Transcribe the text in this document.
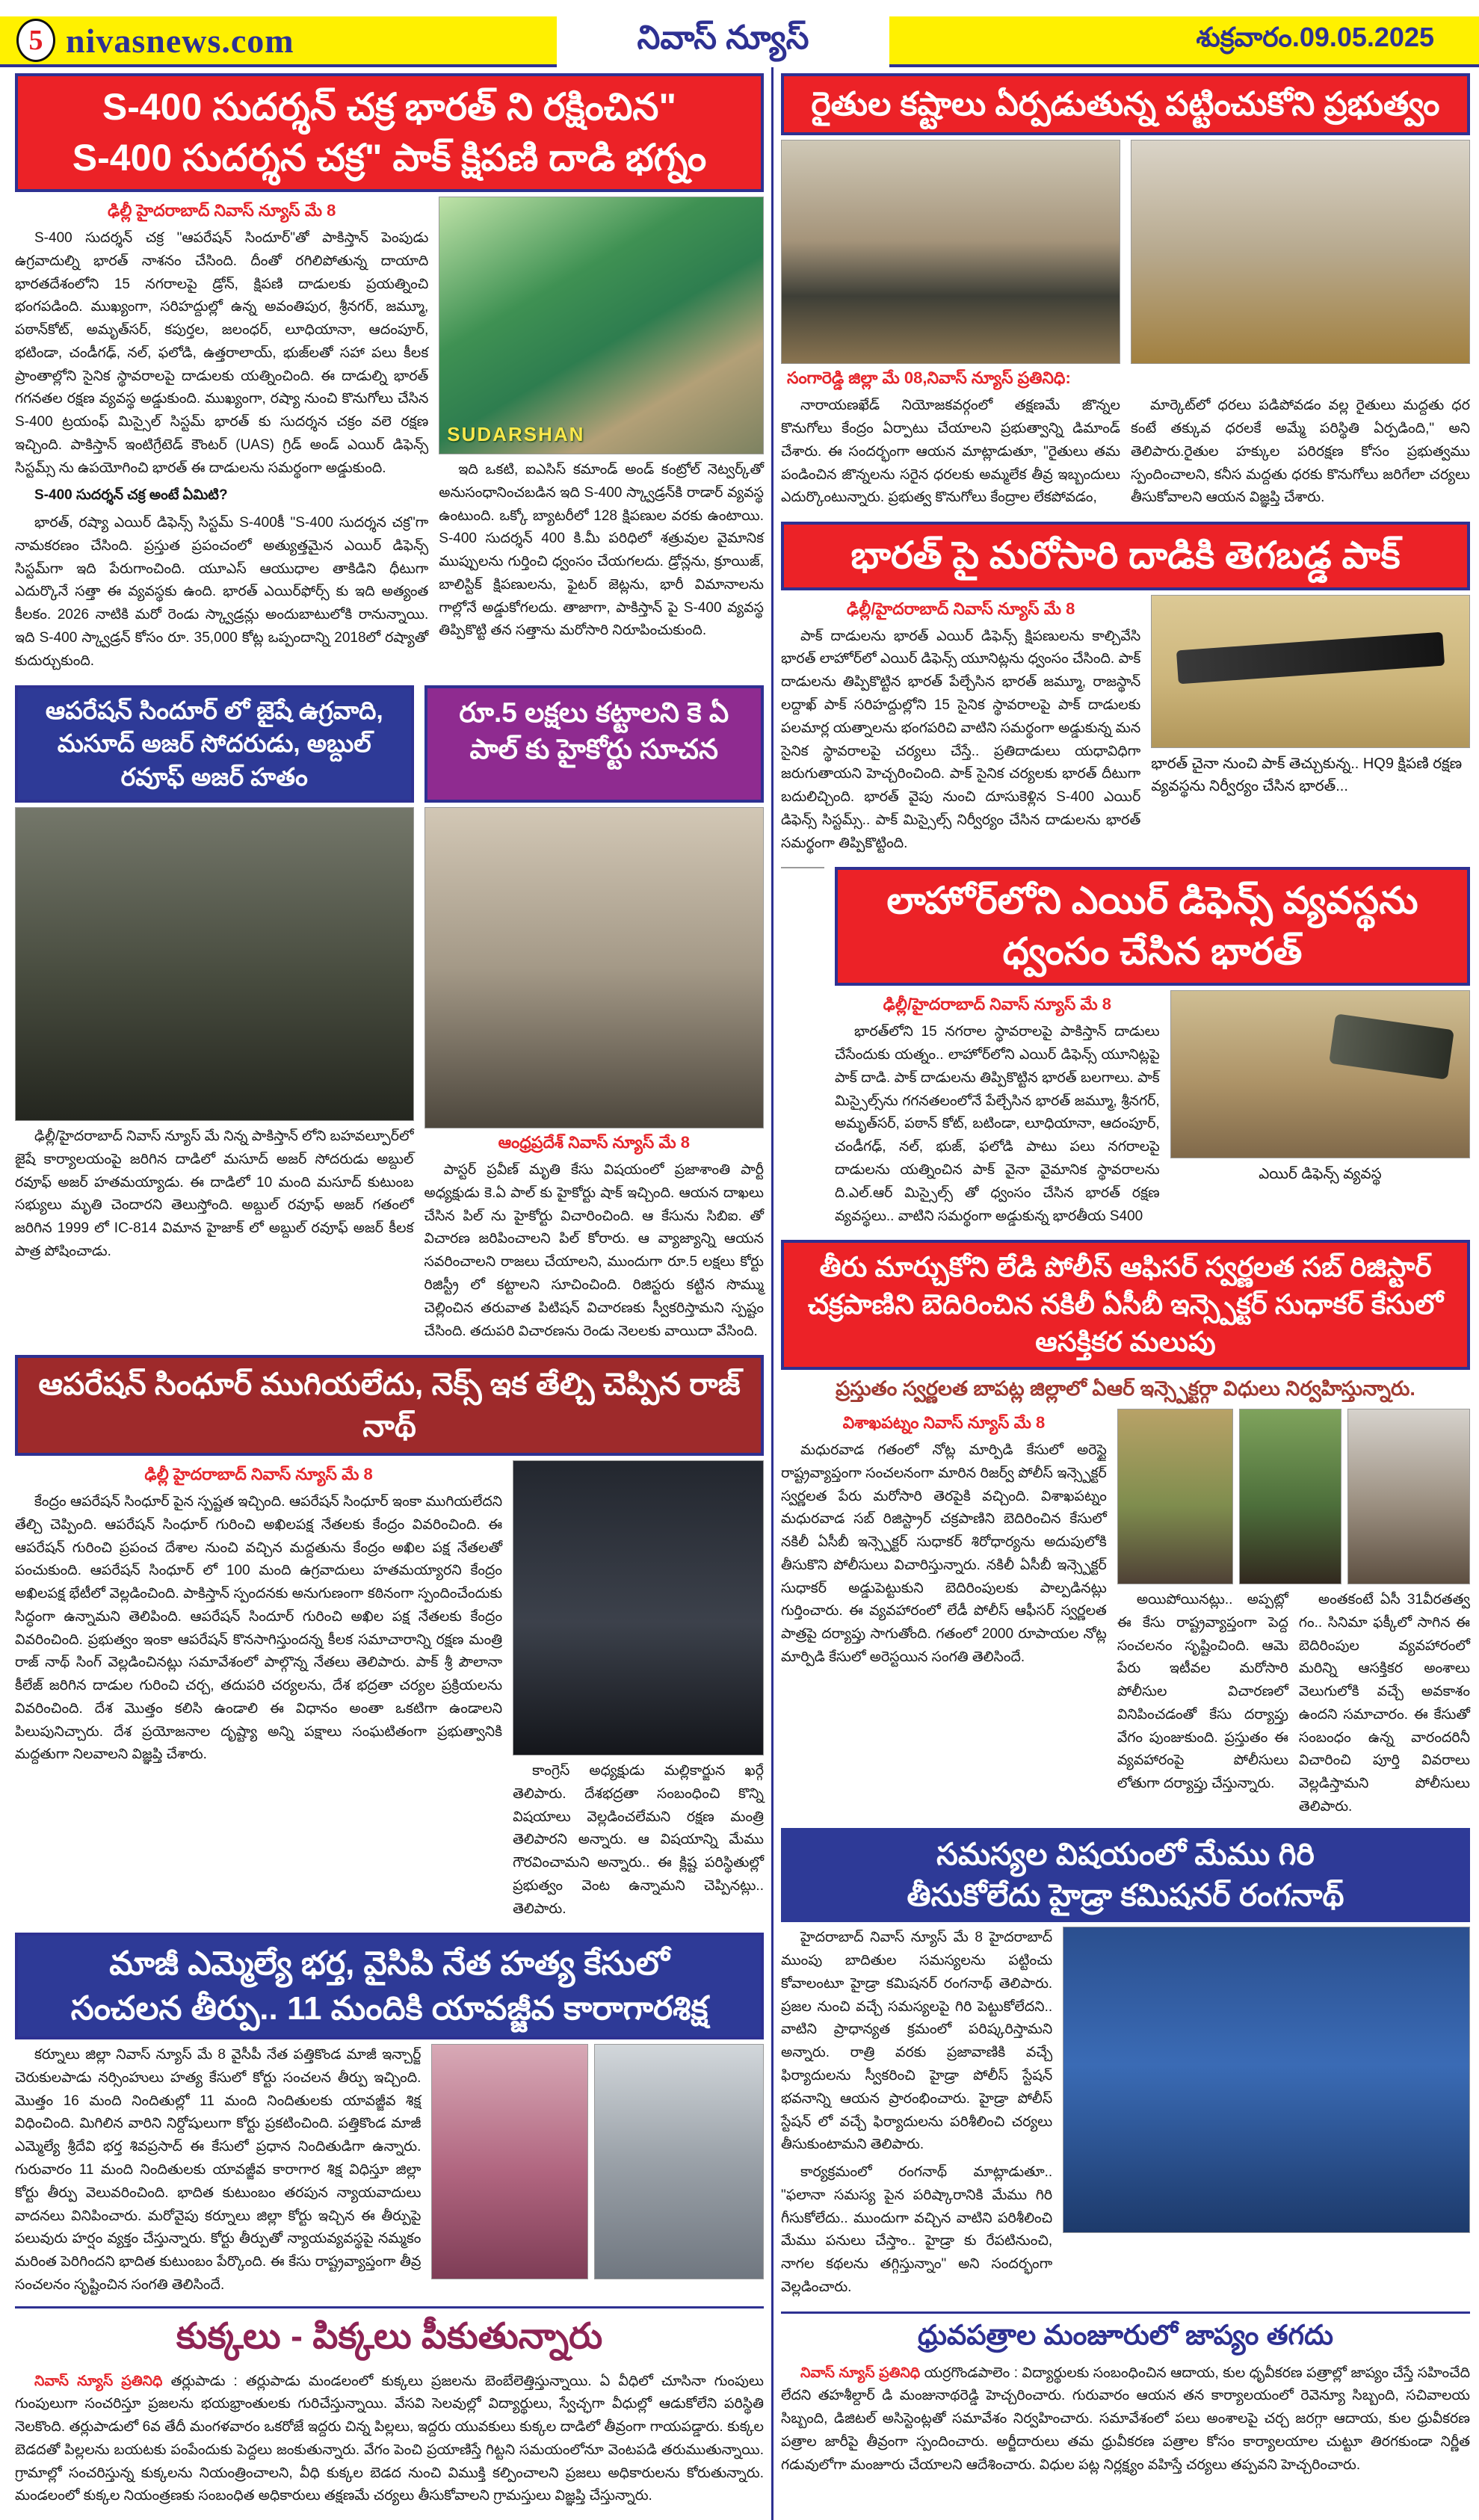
5 nivasnews.com	నివాస్ న్యూస్	శుక్రవారం.09.05.2025
S-400 సుదర్శన్ చక్ర భారత్ ని రక్షించిన"
S-400 సుదర్శన చక్ర" పాక్ క్షిపణి దాడి భగ్నం
ఢిల్లీ హైదరాబాద్ నివాస్ న్యూస్ మే 8

S-400 సుదర్శన్ చక్ర "ఆపరేషన్ సిందూర్"తో పాకిస్తాన్ పెంపుడు ఉగ్రవాదుల్ని భారత్ నాశనం చేసింది. దీంతో రగిలిపోతున్న దాయాది భారతదేశంలోని 15 నగరాలపై డ్రోన్, క్షిపణి దాడులకు ప్రయత్నించి భంగపడింది. ముఖ్యంగా, సరిహద్దుల్లో ఉన్న అవంతిపుర, శ్రీనగర్, జమ్మూ, పఠాన్‌కోట్, అమృత్‌సర్, కపుర్తల, జలంధర్, లూధియానా, ఆదంపూర్, భటిండా, చండీగఢ్, నల్, ఫలోడి, ఉత్తరాలాయ్, భుజ్‌లతో సహా పలు కీలక ప్రాంతాల్లోని సైనిక స్థావరాలపై దాడులకు యత్నించింది. ఈ దాడుల్ని భారత్ గగనతల రక్షణ వ్యవస్థ అడ్డుకుంది. ముఖ్యంగా, రష్యా నుంచి కొనుగోలు చేసిన S-400 ట్రయంఫ్ మిస్సైల్ సిస్టమ్ భారత్ కు సుదర్శన చక్రం వలె రక్షణ ఇచ్చింది. పాకిస్తాన్ ఇంటిగ్రేటెడ్ కౌంటర్ (UAS) గ్రిడ్ అండ్ ఎయిర్ డిఫెన్స్ సిస్టమ్స్ ను ఉపయోగించి భారత్ ఈ దాడులను సమర్థంగా అడ్డుకుంది.

S-400 సుదర్శన్ చక్ర అంటే ఏమిటి?

భారత్, రష్యా ఎయిర్ డిఫెన్స్ సిస్టమ్ S-400కీ "S-400 సుదర్శన చక్ర"గా నామకరణం చేసింది. ప్రస్తుత ప్రపంచంలో అత్యుత్తమైన ఎయిర్ డిఫెన్స్ సిస్టమ్‌గా ఇది పేరుగాంచింది. యూఎస్ ఆయుధాల తాకిడిని ధీటుగా ఎదుర్కొనే సత్తా ఈ వ్యవస్థకు ఉంది. భారత్ ఎయిర్‌ఫోర్స్ కు ఇది అత్యంత కీలకం. 2026 నాటికి మరో రెండు స్క్వాడ్రన్లు అందుబాటులోకి రానున్నాయి. ఇది S-400 స్క్వాడ్రన్ కోసం రూ. 35,000 కోట్ల ఒప్పందాన్ని 2018లో రష్యాతో కుదుర్చుకుంది.

SUDARSHAN

ఇది ఒకటి, ఐఎసిస్ కమాండ్ అండ్ కంట్రోల్ నెట్వర్క్‌తో అనుసంధానించబడిన ఇది S-400 స్క్వాడ్రన్‌కి రాడార్ వ్యవస్థ ఉంటుంది. ఒక్కో బ్యాటరీలో 128 క్షిపణుల వరకు ఉంటాయి. S-400 సుదర్శన్ 400 కి.మీ పరిధిలో శత్రువుల వైమానిక ముప్పులను గుర్తించి ధ్వంసం చేయగలదు. డ్రోన్లను, క్రూయిజ్, బాలిస్టిక్ క్షిపణులను, ఫైటర్ జెట్లను, భారీ విమానాలను గాల్లోనే అడ్డుకోగలదు. తాజాగా, పాకిస్తాన్ పై S-400 వ్యవస్థ తిప్పికొట్టి తన సత్తాను మరోసారి నిరూపించుకుంది.

ఆపరేషన్ సిందూర్ లో జైషే ఉగ్రవాది, మసూద్ అజర్ సోదరుడు, అబ్దుల్ రవూఫ్ అజర్ హతం
రూ.5 లక్షలు కట్టాలని కె ఏ పాల్ కు హైకోర్టు సూచన

ఢిల్లీ/హైదరాబాద్ నివాస్ న్యూస్ మే నిన్న పాకిస్తాన్ లోని బహవల్పూర్‌లో జైషే కార్యాలయంపై జరిగిన దాడిలో మసూద్ అజర్ సోదరుడు అబ్దుల్ రవూఫ్ అజర్ హతమయ్యాడు. ఈ దాడిలో 10 మంది మసూద్ కుటుంబ సభ్యులు మృతి చెందారని తెలుస్తోంది. అబ్దుల్ రవూఫ్ అజర్ గతంలో జరిగిన 1999 లో IC-814 విమాన హైజాక్ లో అబ్దుల్ రవూఫ్ అజర్ కీలక పాత్ర పోషించాడు.

ఆంధ్రప్రదేశ్ నివాస్ న్యూస్ మే 8

పాస్టర్ ప్రవీణ్ మృతి కేసు విషయంలో ప్రజాశాంతి పార్టీ అధ్యక్షుడు కె.ఏ పాల్ కు హైకోర్టు షాక్ ఇచ్చింది. ఆయన దాఖలు చేసిన పిల్ ను హైకోర్టు విచారించింది. ఆ కేసును సిబిఐ. తో విచారణ జరిపించాలని పిల్ కోరారు. ఆ వ్యాజ్యాన్ని ఆయన సవరించాలని రాజలు చేయాలని, ముందుగా రూ.5 లక్షలు కోర్టు రిజిస్ట్రీ లో కట్టాలని సూచించింది. రిజిస్టరు కట్టిన సొమ్ము చెల్లించిన తరువాత పిటిషన్ విచారణకు స్వీకరిస్తామని స్పష్టం చేసింది. తదుపరి విచారణను రెండు నెలలకు వాయిదా వేసింది.

ఆపరేషన్ సింధూర్ ముగియలేదు, నెక్స్ ఇక తేల్చి చెప్పిన రాజ్ నాథ్
ఢిల్లీ హైదరాబాద్ నివాస్ న్యూస్ మే 8

కేంద్రం ఆపరేషన్ సింధూర్ పైన స్పష్టత ఇచ్చింది. ఆపరేషన్ సింధూర్ ఇంకా ముగియలేదని తేల్చి చెప్పింది. ఆపరేషన్ సింధూర్ గురించి అఖిలపక్ష నేతలకు కేంద్రం వివరించింది. ఈ ఆపరేషన్ గురించి ప్రపంచ దేశాల నుంచి వచ్చిన మద్దతును కేంద్రం అఖిల పక్ష నేతలతో పంచుకుంది. ఆపరేషన్ సింధూర్ లో 100 మంది ఉగ్రవాదులు హతమయ్యారని కేంద్రం అఖిలపక్ష భేటీలో వెల్లడించింది. పాకిస్తాన్ స్పందనకు అనుగుణంగా కఠినంగా స్పందించేందుకు సిద్ధంగా ఉన్నామని తెలిపింది. ఆపరేషన్ సిందూర్ గురించి అఖిల పక్ష నేతలకు కేంద్రం వివరించింది. ప్రభుత్వం ఇంకా ఆపరేషన్ కొనసాగిస్తుందన్న కీలక సమాచారాన్ని రక్షణ మంత్రి రాజ్ నాథ్ సింగ్ వెల్లడించినట్లు సమావేశంలో పాల్గొన్న నేతలు తెలిపారు. పాక్ శ్రీ పౌలానా కీలేజ్ జరిగిన దాడుల గురించి చర్చ, తదుపరి చర్యలను, దేశ భద్రతా చర్యల ప్రక్రియలను వివరించింది. దేశ మొత్తం కలిసి ఉండాలి ఈ విధానం అంతా ఒకటిగా ఉండాలని పిలుపునిచ్చారు. దేశ ప్రయోజనాల దృష్ట్యా అన్ని పక్షాలు సంఘటితంగా ప్రభుత్వానికి మద్దతుగా నిలవాలని విజ్ఞప్తి చేశారు.

కాంగ్రెస్ అధ్యక్షుడు మల్లికార్జున ఖర్గే తెలిపారు. దేశభద్రతా సంబంధించి కొన్ని విషయాలు వెల్లడించలేమని రక్షణ మంత్రి తెలిపారని అన్నారు. ఆ విషయాన్ని మేము గౌరవించామని అన్నారు.. ఈ క్లిష్ట పరిస్థితుల్లో ప్రభుత్వం వెంట ఉన్నామని చెప్పినట్లు.. తెలిపారు.

మాజీ ఎమ్మెల్యే భర్త, వైసిపి నేత హత్య కేసులో
సంచలన తీర్పు.. 11 మందికి యావజ్జీవ కారాగారశిక్ష

కర్నూలు జిల్లా నివాస్ న్యూస్ మే 8 వైసీపీ నేత పత్తికొండ మాజీ ఇన్చార్జ్ చెరుకులపాడు నర్సింహులు హత్య కేసులో కోర్టు సంచలన తీర్పు ఇచ్చింది. మొత్తం 16 మంది నిందితుల్లో 11 మంది నిందితులకు యావజ్జీవ శిక్ష విధించింది. మిగిలిన వారిని నిర్దోషులుగా కోర్టు ప్రకటించింది. పత్తికొండ మాజీ ఎమ్మెల్యే శ్రీదేవి భర్త శివప్రసాద్ ఈ కేసులో ప్రధాన నిందితుడిగా ఉన్నారు. గురువారం 11 మంది నిందితులకు యావజ్జీవ కారాగార శిక్ష విధిస్తూ జిల్లా కోర్టు తీర్పు వెలువరించింది. భాదిత కుటుంబం తరపున న్యాయవాదులు వాదనలు వినిపించారు. మరోవైపు కర్నూలు జిల్లా కోర్టు ఇచ్చిన ఈ తీర్పుపై పలువురు హర్షం వ్యక్తం చేస్తున్నారు. కోర్టు తీర్పుతో న్యాయవ్యవస్థపై నమ్మకం మరింత పెరిగిందని భాదిత కుటుంబం పేర్కొంది. ఈ కేసు రాష్ట్రవ్యాప్తంగా తీవ్ర సంచలనం సృష్టించిన సంగతి తెలిసిందే.

కుక్కలు - పిక్కలు పీకుతున్నారు

నివాస్ న్యూస్ ప్రతినిధి తర్లుపాడు : తర్లుపాడు మండలంలో కుక్కలు ప్రజలను బెంబేలెత్తిస్తున్నాయి. ఏ వీధిలో చూసినా గుంపులు గుంపులుగా సంచరిస్తూ ప్రజలను భయభ్రాంతులకు గురిచేస్తున్నాయి. వేసవి సెలవుల్లో విద్యార్థులు, స్వేచ్ఛగా వీధుల్లో ఆడుకోలేని పరిస్థితి నెలకొంది. తర్లుపాడులో 6వ తేదీ మంగళవారం ఒకరోజే ఇద్దరు చిన్న పిల్లలు, ఇద్దరు యువకులు కుక్కల దాడిలో తీవ్రంగా గాయపడ్డారు. కుక్కల బెడదతో పిల్లలను బయటకు పంపేందుకు పెద్దలు జంకుతున్నారు. వేగం పెంచి ప్రయాణిస్తే గిట్టని సమయంలోనూ వెంటపడి తరుముతున్నాయి. గ్రామాల్లో సంచరిస్తున్న కుక్కలను నియంత్రించాలని, వీధి కుక్కల బెడద నుంచి విముక్తి కల్పించాలని ప్రజలు అధికారులను కోరుతున్నారు. మండలంలో కుక్కల నియంత్రణకు సంబంధిత అధికారులు తక్షణమే చర్యలు తీసుకోవాలని గ్రామస్తులు విజ్ఞప్తి చేస్తున్నారు.

రైతుల కష్టాలు ఏర్పడుతున్న పట్టించుకోని ప్రభుత్వం
సంగారెడ్డి జిల్లా మే 08,నివాస్ న్యూస్ ప్రతినిధి:

నారాయణఖేడ్ నియోజకవర్గంలో తక్షణమే జొన్నల కొనుగోలు కేంద్రం ఏర్పాటు చేయాలని ప్రభుత్వాన్ని డిమాండ్ చేశారు. ఈ సందర్భంగా ఆయన మాట్లాడుతూ, "రైతులు తమ పండించిన జొన్నలను సరైన ధరలకు అమ్మలేక తీవ్ర ఇబ్బందులు ఎదుర్కొంటున్నారు. ప్రభుత్వ కొనుగోలు కేంద్రాల లేకపోవడం,

మార్కెట్‌లో ధరలు పడిపోవడం వల్ల రైతులు మద్దతు ధర కంటే తక్కువ ధరలకే అమ్మే పరిస్థితి ఏర్పడింది," అని తెలిపారు.రైతుల హక్కుల పరిరక్షణ కోసం ప్రభుత్వము స్పందించాలని, కనీస మద్దతు ధరకు కొనుగోలు జరిగేలా చర్యలు తీసుకోవాలని ఆయన విజ్ఞప్తి చేశారు.

భారత్ పై మరోసారి దాడికి తెగబడ్డ పాక్
ఢిల్లీ/హైదరాబాద్ నివాస్ న్యూస్ మే 8

పాక్ దాడులను భారత్ ఎయిర్ డిఫెన్స్ క్షిపణులను కాల్చివేసి భారత్ లాహోర్‌లో ఎయిర్ డిఫెన్స్ యూనిట్లను ధ్వంసం చేసింది. పాక్ దాడులను తిప్పికొట్టిన భారత్ పేల్చేసిన భారత్ జమ్మూ, రాజస్థాన్ లద్దాఖ్ పాక్ సరిహద్దుల్లోని 15 సైనిక స్థావరాలపై పాక్ దాడులకు పలమార్ల యత్నాలను భంగపరిచి వాటిని సమర్థంగా అడ్డుకున్న మన సైనిక స్థావరాలపై చర్యలు చేస్తే.. ప్రతిదాడులు యధావిధిగా జరుగుతాయని హెచ్చరించింది. పాక్ సైనిక చర్యలకు భారత్ దీటుగా బదులిచ్చింది. భారత్ వైపు నుంచి దూసుకెళ్లిన S-400 ఎయిర్ డిఫెన్స్ సిస్టమ్స్.. పాక్ మిస్సైల్స్ నిర్వీర్యం చేసిన దాడులను భారత్ సమర్థంగా తిప్పికొట్టింది.

భారత్ చైనా నుంచి పాక్ తెచ్చుకున్న.. HQ9 క్షిపణి రక్షణ వ్యవస్థను నిర్వీర్యం చేసిన భారత్...
లాహోర్‌లోని ఎయిర్ డిఫెన్స్ వ్యవస్థను ధ్వంసం చేసిన భారత్
ఢిల్లీ/హైదరాబాద్ నివాస్ న్యూస్ మే 8

భారత్‌లోని 15 నగరాల స్థావరాలపై పాకిస్తాన్ దాడులు చేసేందుకు యత్నం.. లాహోర్‌లోని ఎయిర్ డిఫెన్స్ యూనిట్లపై పాక్ దాడి. పాక్ దాడులను తిప్పికొట్టిన భారత్ బలగాలు. పాక్ మిస్సైల్స్‌ను గగనతలంలోనే పేల్చేసిన భారత్ జమ్మూ, శ్రీనగర్, అమృత్‌సర్, పఠాన్ కోట్, బటిండా, లూధియానా, ఆదంపూర్, చండీగఢ్, నల్, భుజ్, ఫలోడి పాటు పలు నగరాలపై దాడులను యత్నించిన పాక్ వైనా వైమానిక స్థావరాలను ది.ఎల్.ఆర్ మిస్సైల్స్ తో ధ్వంసం చేసిన భారత్ రక్షణ వ్యవస్థలు.. వాటిని సమర్థంగా అడ్డుకున్న భారతీయ S400

ఎయిర్ డిఫెన్స్ వ్యవస్థ
తీరు మార్చుకోని లేడి పోలీస్ ఆఫిసర్ స్వర్ణలత సబ్ రిజిస్టార్ చక్రపాణిని బెదిరించిన నకిలీ ఏసీబీ ఇన్స్పెక్టర్ సుధాకర్ కేసులో ఆసక్తికర మలుపు
ప్రస్తుతం స్వర్ణలత బాపట్ల జిల్లాలో ఏఆర్ ఇన్స్పెక్టర్గా విధులు నిర్వహిస్తున్నారు.
విశాఖపట్నం నివాస్ న్యూస్ మే 8

మధురవాడ గతంలో నోట్ల మార్పిడి కేసులో అరెస్టై రాష్ట్రవ్యాప్తంగా సంచలనంగా మారిన రిజర్వ్ పోలీస్ ఇన్స్పెక్టర్ స్వర్ణలత పేరు మరోసారి తెరపైకి వచ్చింది. విశాఖపట్నం మధురవాడ సబ్ రిజిస్ట్రార్ చక్రపాణిని బెదిరించిన కేసులో నకిలీ ఏసీబీ ఇన్స్పెక్టర్ సుధాకర్ శిరోధార్యను అదుపులోకి తీసుకొని పోలీసులు విచారిస్తున్నారు. నకిలీ ఏసీబీ ఇన్స్పెక్టర్ సుధాకర్ అడ్డుపెట్టుకుని బెదిరింపులకు పాల్పడినట్లు గుర్తించారు. ఈ వ్యవహారంలో లేడీ పోలీస్ ఆఫీసర్ స్వర్ణలత పాత్రపై దర్యాప్తు సాగుతోంది. గతంలో 2000 రూపాయల నోట్ల మార్పిడి కేసులో అరెస్టయిన సంగతి తెలిసిందే.

అయిపోయినట్లు.. అప్పట్లో ఈ కేసు రాష్ట్రవ్యాప్తంగా పెద్ద సంచలనం సృష్టించింది. ఆమె పేరు ఇటీవల మరోసారి పోలీసుల విచారణలో వినిపించడంతో కేసు దర్యాప్తు వేగం పుంజుకుంది. ప్రస్తుతం ఈ వ్యవహారంపై పోలీసులు లోతుగా దర్యాప్తు చేస్తున్నారు.

అంతకంటే ఏసీ 31వీరతత్వ గం.. సినిమా ఫక్కీలో సాగిన ఈ బెదిరింపుల వ్యవహారంలో మరిన్ని ఆసక్తికర అంశాలు వెలుగులోకి వచ్చే అవకాశం ఉందని సమాచారం. ఈ కేసుతో సంబంధం ఉన్న వారందరినీ విచారించి పూర్తి వివరాలు వెల్లడిస్తామని పోలీసులు తెలిపారు.

సమస్యల విషయంలో మేము గిరి
తీసుకోలేదు హైడ్రా కమిషనర్ రంగనాథ్

హైదరాబాద్ నివాస్ న్యూస్ మే 8 హైదరాబాద్ ముంపు బాదితుల సమస్యలను పట్టించు కోవాలంటూ హైడ్రా కమిషనర్ రంగనాథ్ తెలిపారు. ప్రజల నుంచి వచ్చే సమస్యలపై గిరి పెట్టుకోలేదని.. వాటిని ప్రాధాన్యత క్రమంలో పరిష్కరిస్తామని అన్నారు. రాత్రి వరకు ప్రజావాణికి వచ్చే ఫిర్యాదులను స్వీకరించి హైడ్రా పోలీస్ స్టేషన్ భవనాన్ని ఆయన ప్రారంభించారు. హైడ్రా పోలీస్ స్టేషన్ లో వచ్చే ఫిర్యాదులను పరిశీలించి చర్యలు తీసుకుంటామని తెలిపారు.

కార్యక్రమంలో రంగనాథ్ మాట్లాడుతూ.. "ఫలానా సమస్య పైన పరిష్కారానికి మేము గిరి గీసుకోలేదు.. ముందుగా వచ్చిన వాటిని పరిశీలించి మేము పనులు చేస్తాం.. హైడ్రా కు రేపటినుంచి, నాగల కథలను తగ్గిస్తున్నాం" అని సందర్భంగా వెల్లడించారు.

ధ్రువపత్రాల మంజూరులో జాప్యం తగదు

నివాస్ న్యూస్ ప్రతినిధి యర్రగొండపాలెం : విద్యార్థులకు సంబంధించిన ఆదాయ, కుల ధృవీకరణ పత్రాల్లో జాప్యం చేస్తే సహించేది లేదని తహశీల్దార్ డి మంజునాథరెడ్డి హెచ్చరించారు. గురువారం ఆయన తన కార్యాలయంలో రెవెన్యూ సిబ్బంది, సచివాలయ సిబ్బంది, డిజిటల్ అసిస్టెంట్లతో సమావేశం నిర్వహించారు. సమావేశంలో పలు అంశాలపై చర్చ జరగ్గా ఆదాయ, కుల ధ్రువీకరణ పత్రాల జారీపై తీవ్రంగా స్పందించారు. అర్జీదారులు తమ ధ్రువీకరణ పత్రాల కోసం కార్యాలయాల చుట్టూ తిరగకుండా నిర్ణీత గడువులోగా మంజూరు చేయాలని ఆదేశించారు. విధుల పట్ల నిర్లక్ష్యం వహిస్తే చర్యలు తప్పవని హెచ్చరించారు.
